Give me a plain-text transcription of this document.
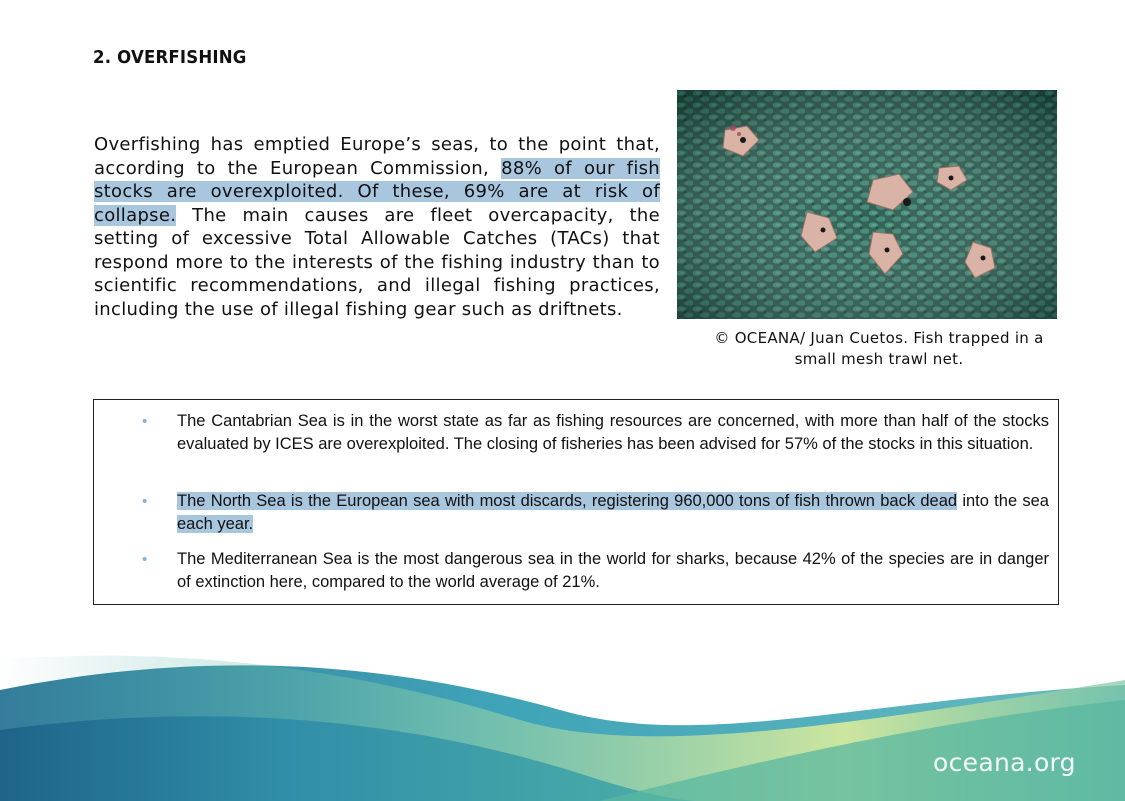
2. OVERFISHING

Overfishing has emptied Europe’s seas, to the point that, according to the European Commission, 88% of our fish stocks are overexploited. Of these, 69% are at risk of collapse. The main causes are fleet overcapacity, the setting of excessive Total Allowable Catches (TACs) that respond more to the interests of the fishing industry than to scientific recommendations, and illegal fishing practices, including the use of illegal fishing gear such as driftnets.

© OCEANA/ Juan Cuetos. Fish trapped in a
small mesh trawl net.
• The Cantabrian Sea is in the worst state as far as fishing resources are concerned, with more than half of the stocks evaluated by ICES are overexploited. The closing of fisheries has been advised for 57% of the stocks in this situation.
• The North Sea is the European sea with most discards, registering 960,000 tons of fish thrown back dead into the sea each year.
• The Mediterranean Sea is the most dangerous sea in the world for sharks, because 42% of the species are in danger of extinction here, compared to the world average of 21%.
oceana.org
